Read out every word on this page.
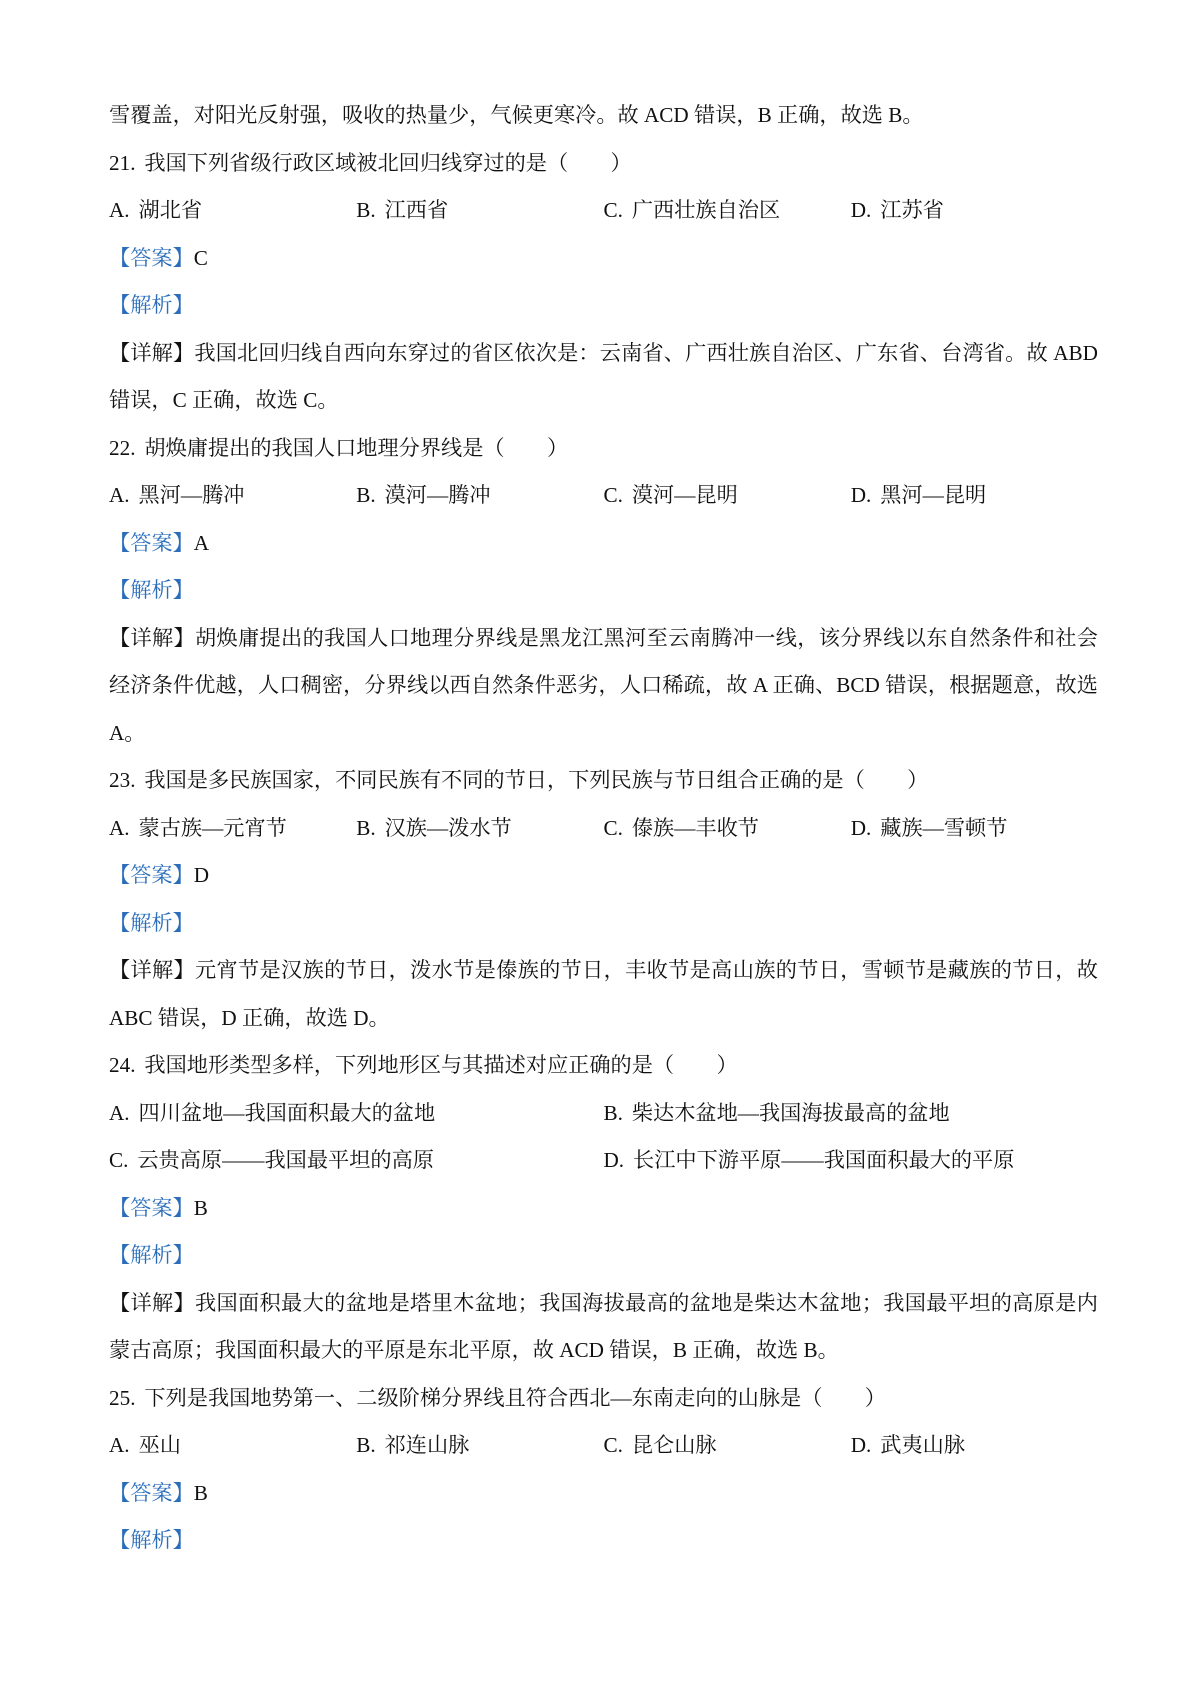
雪覆盖，对阳光反射强，吸收的热量少，气候更寒冷。故 ACD 错误，B 正确，故选 B。
21. 我国下列省级行政区域被北回归线穿过的是（　　）
A. 湖北省	B. 江西省	C. 广西壮族自治区	D. 江苏省
【答案】C
【解析】
【详解】我国北回归线自西向东穿过的省区依次是：云南省、广西壮族自治区、广东省、台湾省。故 ABD
错误，C 正确，故选 C。
22. 胡焕庸提出的我国人口地理分界线是（　　）
A. 黑河—腾冲	B. 漠河—腾冲	C. 漠河—昆明	D. 黑河—昆明
【答案】A
【解析】
【详解】胡焕庸提出的我国人口地理分界线是黑龙江黑河至云南腾冲一线，该分界线以东自然条件和社会
经济条件优越，人口稠密，分界线以西自然条件恶劣，人口稀疏，故 A 正确、BCD 错误，根据题意，故选
A。
23. 我国是多民族国家，不同民族有不同的节日，下列民族与节日组合正确的是（　　）
A. 蒙古族—元宵节	B. 汉族—泼水节	C. 傣族—丰收节	D. 藏族—雪顿节
【答案】D
【解析】
【详解】元宵节是汉族的节日，泼水节是傣族的节日，丰收节是高山族的节日，雪顿节是藏族的节日，故
ABC 错误，D 正确，故选 D。
24. 我国地形类型多样，下列地形区与其描述对应正确的是（　　）
A. 四川盆地—我国面积最大的盆地	B. 柴达木盆地—我国海拔最高的盆地
C. 云贵高原——我国最平坦的高原	D. 长江中下游平原——我国面积最大的平原
【答案】B
【解析】
【详解】我国面积最大的盆地是塔里木盆地；我国海拔最高的盆地是柴达木盆地；我国最平坦的高原是内
蒙古高原；我国面积最大的平原是东北平原，故 ACD 错误，B 正确，故选 B。
25. 下列是我国地势第一、二级阶梯分界线且符合西北—东南走向的山脉是（　　）
A. 巫山	B. 祁连山脉	C. 昆仑山脉	D. 武夷山脉
【答案】B
【解析】
